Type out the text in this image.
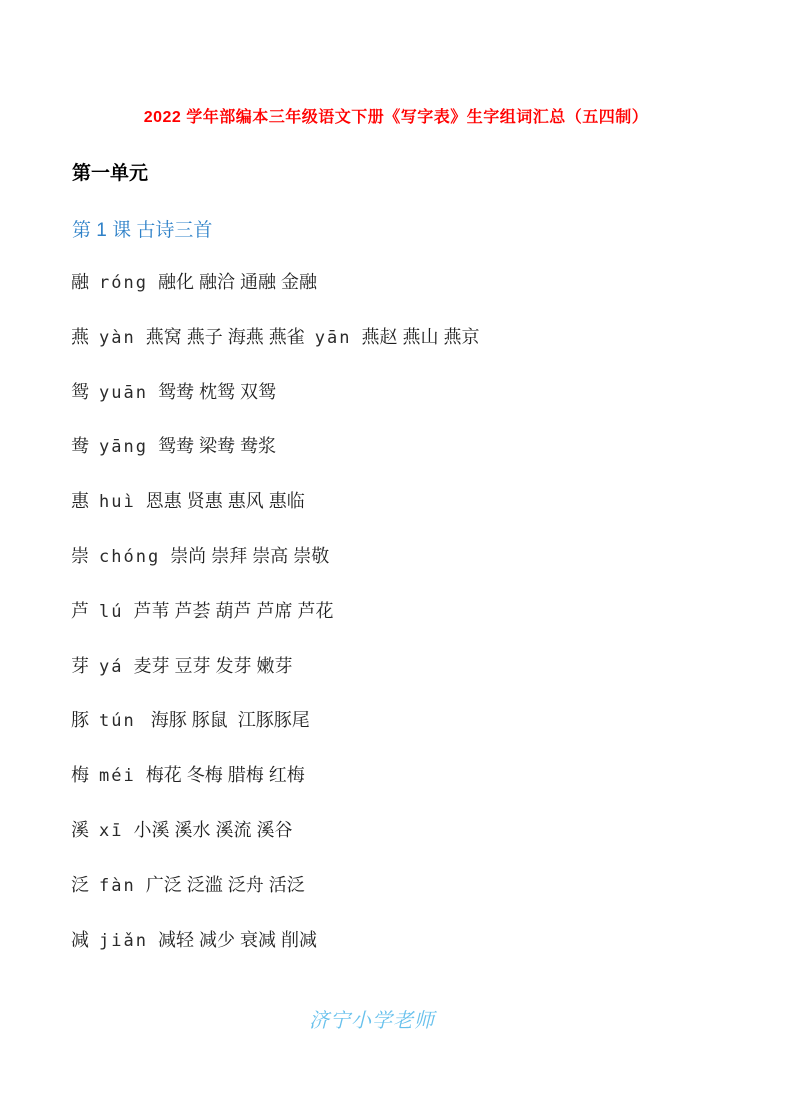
2022 学年部编本三年级语文下册《写字表》生字组词汇总（五四制）
第一单元
第 1 课 古诗三首
融 róng 融化 融洽 通融 金融
燕 yàn 燕窝 燕子 海燕 燕雀 yān 燕赵 燕山 燕京
鸳 yuān 鸳鸯 枕鸳 双鸳
鸯 yāng 鸳鸯 梁鸯 鸯浆
惠 huì 恩惠 贤惠 惠风 惠临
崇 chóng 崇尚 崇拜 崇高 崇敬
芦 lú 芦苇 芦荟 葫芦 芦席 芦花
芽 yá 麦芽 豆芽 发芽 嫩芽
豚 tún 海豚 豚鼠  江豚豚尾
梅 méi 梅花 冬梅 腊梅 红梅
溪 xī 小溪 溪水 溪流 溪谷
泛 fàn 广泛 泛滥 泛舟 活泛
减 jiǎn 减轻 减少 衰减 削减
济宁小学老师
